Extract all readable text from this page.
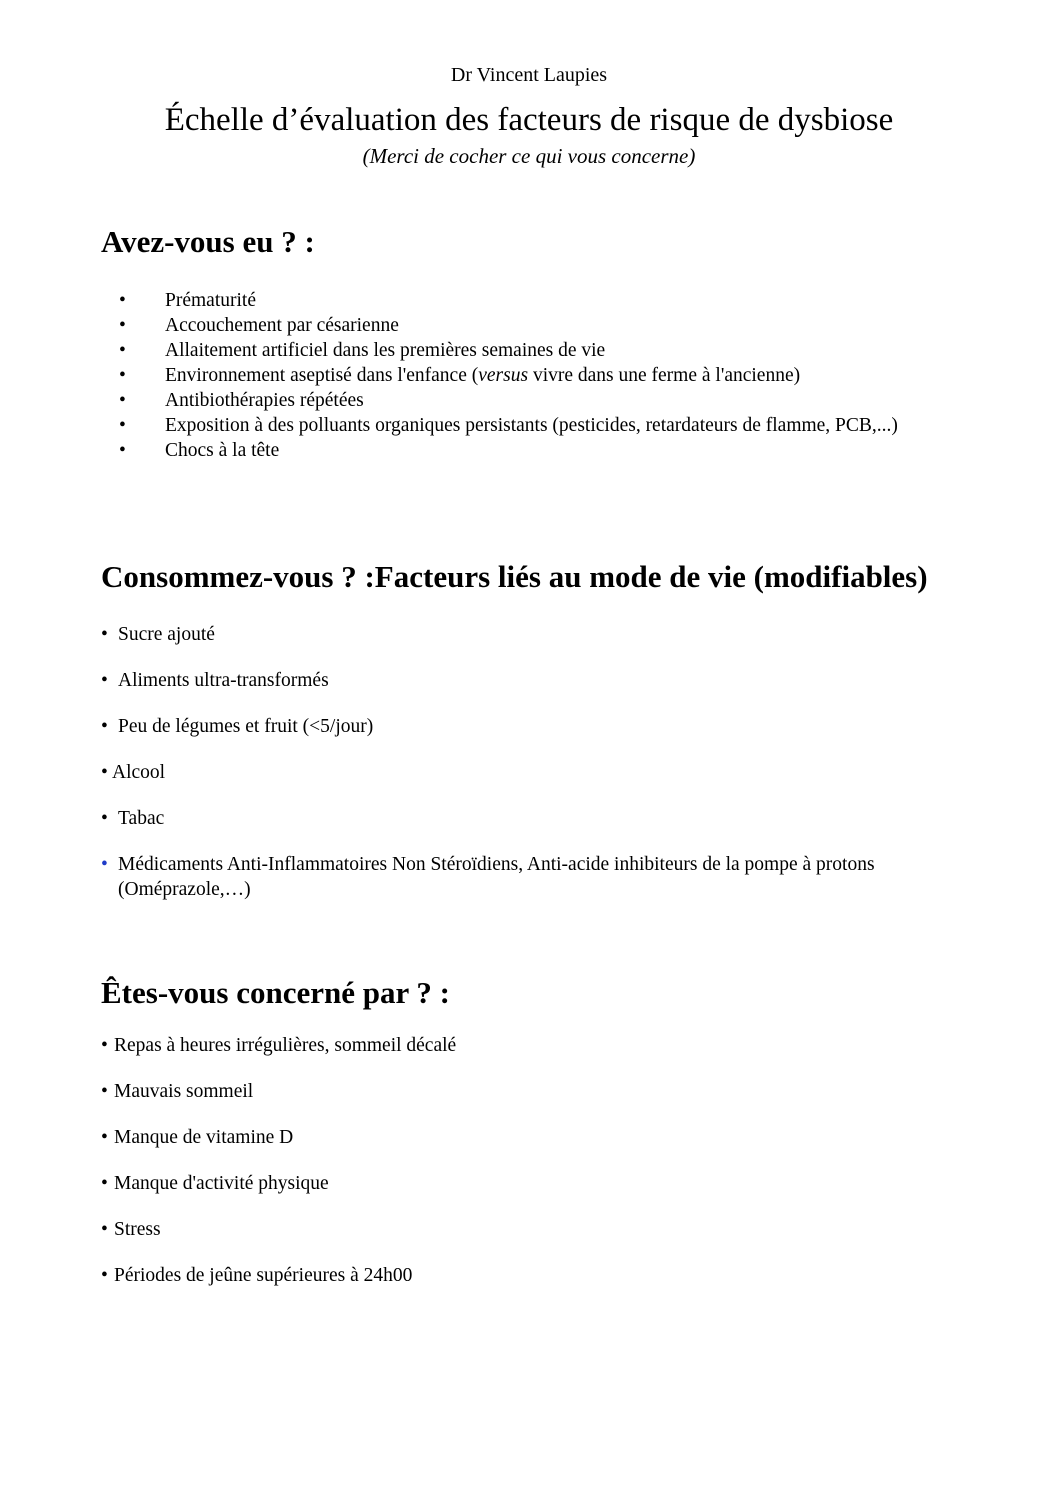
Dr Vincent Laupies
Échelle d’évaluation des facteurs de risque de dysbiose
(Merci de cocher ce qui vous concerne)
Avez-vous eu ? :
• Prématurité
• Accouchement par césarienne
• Allaitement artificiel dans les premières semaines de vie
• Environnement aseptisé dans l'enfance (versus vivre dans une ferme à l'ancienne)
• Antibiothérapies répétées
• Exposition à des polluants organiques persistants (pesticides, retardateurs de flamme, PCB,...)
• Chocs à la tête
Consommez-vous ? :Facteurs liés au mode de vie (modifiables)
• Sucre ajouté
• Aliments ultra-transformés
• Peu de légumes et fruit (<5/jour)
• Alcool
• Tabac
• Médicaments Anti-Inflammatoires Non Stéroïdiens, Anti-acide inhibiteurs de la pompe à protons (Oméprazole,…)
Êtes-vous concerné par ? :
• Repas à heures irrégulières, sommeil décalé
• Mauvais sommeil
• Manque de vitamine D
• Manque d'activité physique
• Stress
• Périodes de jeûne supérieures à 24h00
